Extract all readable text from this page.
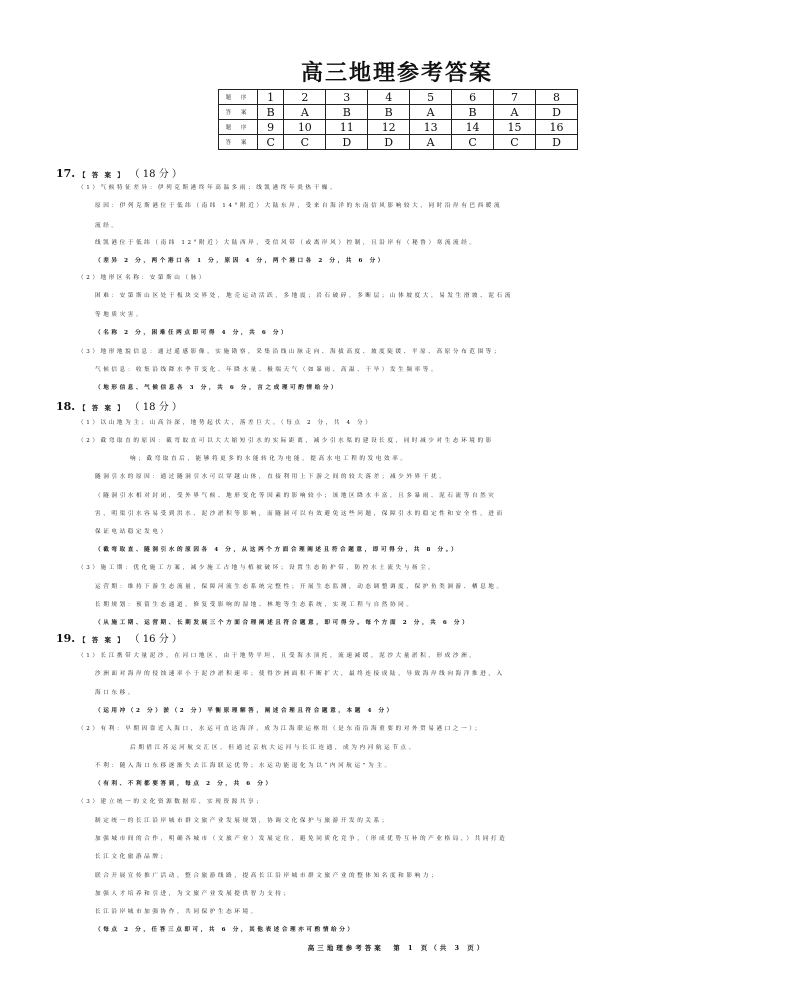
高三地理参考答案
题 序	1	2	3	4	5	6	7	8
答 案	B	A	B	B	A	B	A	D
题 序	9	10	11	12	13	14	15	16
答 案	C	C	D	D	A	C	C	D
17. 【 答 案 】 （ 18 分 ）
（1）气候特征差异：伊列克斯港终年高温多雨；线凯港终年炎热干燥。
原因：伊列克斯港位于低纬（南纬 14°附近）大陆东岸，受来自海洋的东南信风影响较大，同时沿岸有巴西暖流
流经。
线凯港位于低纬（南纬 12°附近）大陆西岸，受信风带（或离岸风）控制，且沿岸有（秘鲁）寒流流经。
（差异 2 分，两个港口各 1 分，原因 4 分，两个港口各 2 分，共 6 分）
（2）地形区名称：安第斯山（脉）
困难：安第斯山区处于板块交界处，地壳运动活跃，多地震；岩石破碎，多断层；山体坡度大，易发生滑坡、泥石流
等地质灾害。
（名称 2 分，困难任两点即可得 4 分，共 6 分）
（3）地形地貌信息：通过遥感影像，实施勘察，采集沿线山脉走向、海拔高度、坡度陡缓、平原、高原分布范围等；
气候信息：收集沿线降水季节变化、年降水量、极端天气（如暴雨、高温、干旱）发生频率等。
（地形信息、气候信息各 3 分，共 6 分，言之成理可酌情给分）
18. 【 答 案 】 （ 18 分 ）
（1）以山地为主；山高谷深，地势起伏大，落差巨大。（每点 2 分，共 4 分）
（2）截弯取直的原因：截弯取直可以大大缩短引水的实际距离，减少引水渠的建设长度，同时减少对生态环境的影
响；截弯取直后，能够将更多的水能转化为电能，提高水电工程的发电效率。
隧洞引水的原因：通过隧洞引水可以穿越山体，直接利用上下游之间的较大落差；减少外界干扰。
（隧洞引水相对封闭，受外界气候、地形变化等因素的影响较小；该地区降水丰富，且多暴雨、泥石流等自然灾
害，明渠引水容易受到洪水、泥沙淤积等影响，而隧洞可以有效避免这些问题，保障引水的稳定性和安全性，进而
保证电站稳定发电）
（截弯取直、隧洞引水的原因各 4 分，从这两个方面合理阐述且符合题意，即可得分，共 8 分。）
（3）施工期：优化施工方案，减少施工占地与植被破坏；设置生态防护带，防控水土流失与扬尘。
运营期：维持下游生态流量，保障河流生态系统完整性；开展生态监测，动态调整调度，保护鱼类洄游、栖息地。
长期规划：预留生态通道，修复受影响的湿地、林地等生态系统，实现工程与自然协同。
（从施工期、运营期、长期发展三个方面合理阐述且符合题意，即可得分。每个方面 2 分，共 6 分）
19. 【 答 案 】 （ 16 分 ）
（1）长江携带大量泥沙，在河口地区，由于地势平坦，且受海水顶托，流速减缓，泥沙大量淤积，形成沙洲。
沙洲面对海岸的侵蚀速率小于泥沙淤积速率；使得沙洲面积不断扩大，最终连接成陆，导致海岸线向海洋推进，入
海口东移。
（运用冲（2 分）淤（2 分）平衡原理解答，阐述合理且符合题意，本题 4 分）
（2）有利：早期因靠近入海口，水运可直达海洋，成为江海联运枢纽（是东南沿海重要的对外贸易港口之一）；
后期借江苏运河航交汇区，但通过京杭大运河与长江连通，成为内河航运节点。
不利：随入海口东移逐渐失去江海联运优势；水运功能退化为以“内河航运”为主。
（有利、不利都要答到，每点 2 分，共 6 分）
（3）建立统一的文化资源数据库，实现资源共享；
制定统一的长江沿岸城市群文旅产业发展规划，协调文化保护与旅游开发的关系；
加强城市间的合作，明确各城市（文旅产业）发展定位，避免同质化竞争，（形成优势互补的产业格局，）共同打造
长江文化旅游品牌；
联合开展宣传推广活动，整合旅游线路，提高长江沿岸城市群文旅产业的整体知名度和影响力；
加强人才培养和引进，为文旅产业发展提供智力支持；
长江沿岸城市加强协作，共同保护生态环境。
（每点 2 分，任答三点即可，共 6 分，其他表述合理亦可酌情给分）
高三地理参考答案　第 1 页（共 3 页）
